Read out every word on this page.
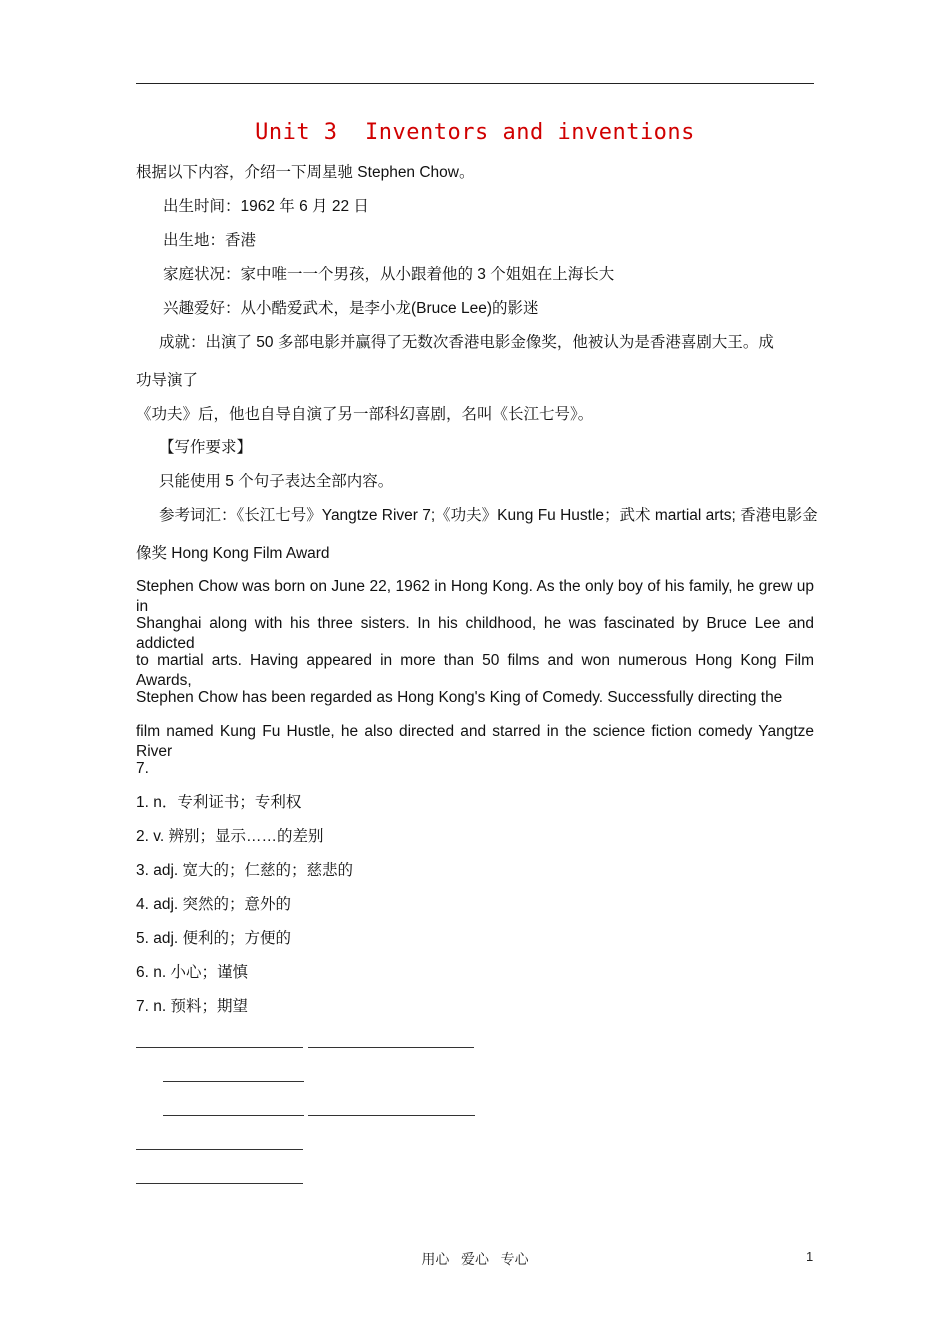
Unit 3  Inventors and inventions
根据以下内容，介绍一下周星驰 Stephen Chow。
出生时间：1962 年 6 月 22 日
出生地：香港
家庭状况：家中唯一一个男孩，从小跟着他的 3 个姐姐在上海长大
兴趣爱好：从小酷爱武术，是李小龙(Bruce Lee)的影迷
成就：出演了 50 多部电影并赢得了无数次香港电影金像奖，他被认为是香港喜剧大王。成
功导演了
《功夫》后，他也自导自演了另一部科幻喜剧，名叫《长江七号》。
【写作要求】
只能使用 5 个句子表达全部内容。
参考词汇：《长江七号》Yangtze River 7;《功夫》Kung Fu Hustle；武术 martial arts; 香港电影金
像奖 Hong Kong Film Award
Stephen Chow was born on June 22, 1962 in Hong Kong. As the only boy of his family, he grew up in
Shanghai along with his three sisters. In his childhood, he was fascinated by Bruce Lee and addicted
to martial arts. Having appeared in more than 50 films and won numerous Hong Kong Film Awards,
Stephen Chow has been regarded as Hong Kong's King of Comedy. Successfully directing the
film named Kung Fu Hustle, he also directed and starred in the science fiction comedy Yangtze River
7.
1. n．专利证书；专利权
2. v. 辨别；显示……的差别
3. adj. 宽大的；仁慈的；慈悲的
4. adj. 突然的；意外的
5. adj. 便利的；方便的
6. n. 小心；谨慎
7. n. 预料；期望
用心   爱心   专心	1
